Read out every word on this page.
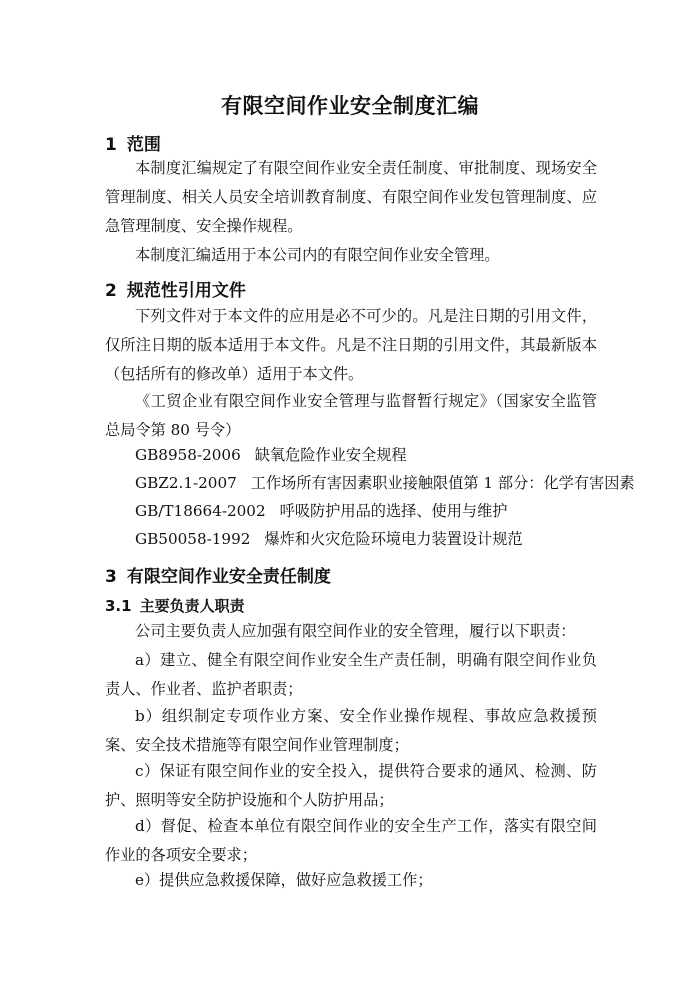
有限空间作业安全制度汇编
1 范围

本制度汇编规定了有限空间作业安全责任制度、审批制度、现场安全管理制度、相关人员安全培训教育制度、有限空间作业发包管理制度、应急管理制度、安全操作规程。

本制度汇编适用于本公司内的有限空间作业安全管理。

2 规范性引用文件

下列文件对于本文件的应用是必不可少的。凡是注日期的引用文件，仅所注日期的版本适用于本文件。凡是不注日期的引用文件，其最新版本（包括所有的修改单）适用于本文件。

《工贸企业有限空间作业安全管理与监督暂行规定》（国家安全监管总局令第 80 号令）

GB8958-2006 缺氧危险作业安全规程

GBZ2.1-2007 工作场所有害因素职业接触限值第 1 部分：化学有害因素

GB/T18664-2002 呼吸防护用品的选择、使用与维护

GB50058-1992 爆炸和火灾危险环境电力装置设计规范

3 有限空间作业安全责任制度
3.1 主要负责人职责

公司主要负责人应加强有限空间作业的安全管理，履行以下职责：

a）建立、健全有限空间作业安全生产责任制，明确有限空间作业负责人、作业者、监护者职责；

b）组织制定专项作业方案、安全作业操作规程、事故应急救援预案、安全技术措施等有限空间作业管理制度；

c）保证有限空间作业的安全投入，提供符合要求的通风、检测、防护、照明等安全防护设施和个人防护用品；

d）督促、检查本单位有限空间作业的安全生产工作，落实有限空间作业的各项安全要求；

e）提供应急救援保障，做好应急救援工作；
